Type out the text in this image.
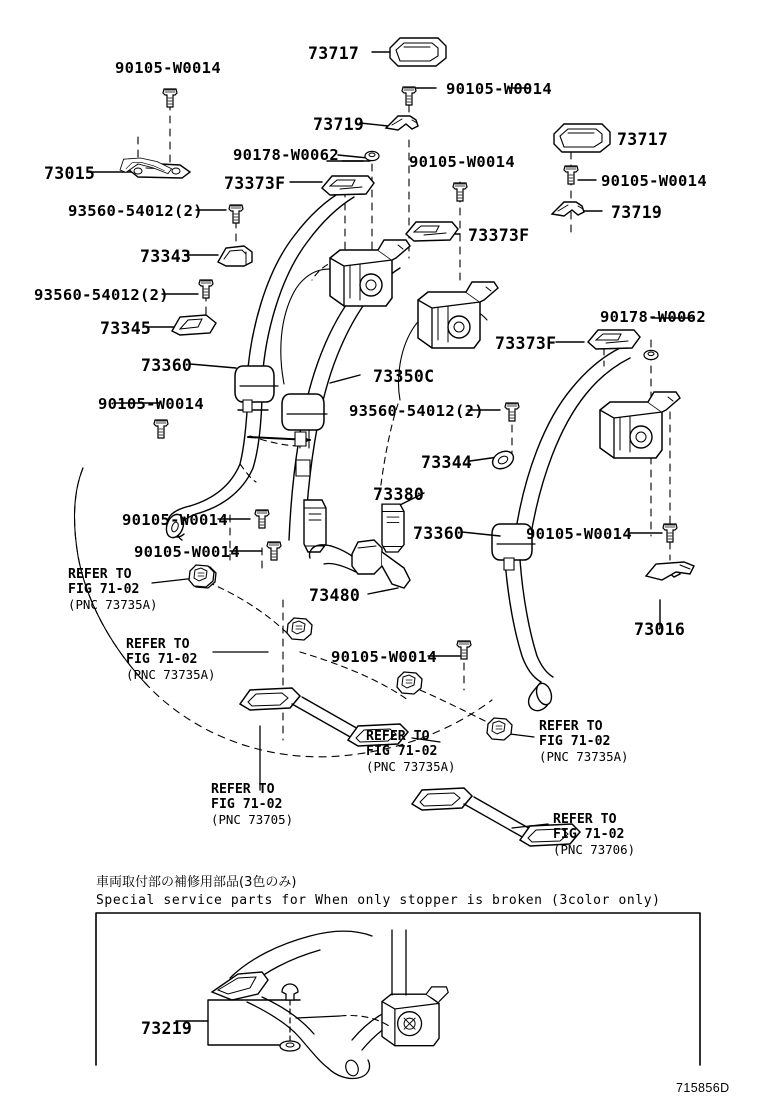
90105-W0014
73717
90105-W0014
73719
73717
90105-W0014
90178-W0062	90105-W0014
73015
73373F
73719
93560-54012(2)
73373F
73343
93560-54012(2)
73345
90178-W0062
73373F
73360
73350C
90105-W0014	93560-54012(2)
73344
73380
90105-W0014
73360	90105-W0014
90105-W0014
73480
73016
90105-W0014
73219
REFER TO
FIG 71-02
(PNC 73735A)
REFER TO
FIG 71-02
(PNC 73735A)
REFER TO
FIG 71-02
(PNC 73705)
REFER TO
FIG 71-02
(PNC 73735A)
REFER TO
FIG 71-02
(PNC 73735A)
REFER TO
FIG 71-02
(PNC 73706)
車両取付部の補修用部品(3色のみ)
Special service parts for When only stopper is broken (3color only)
715856D
